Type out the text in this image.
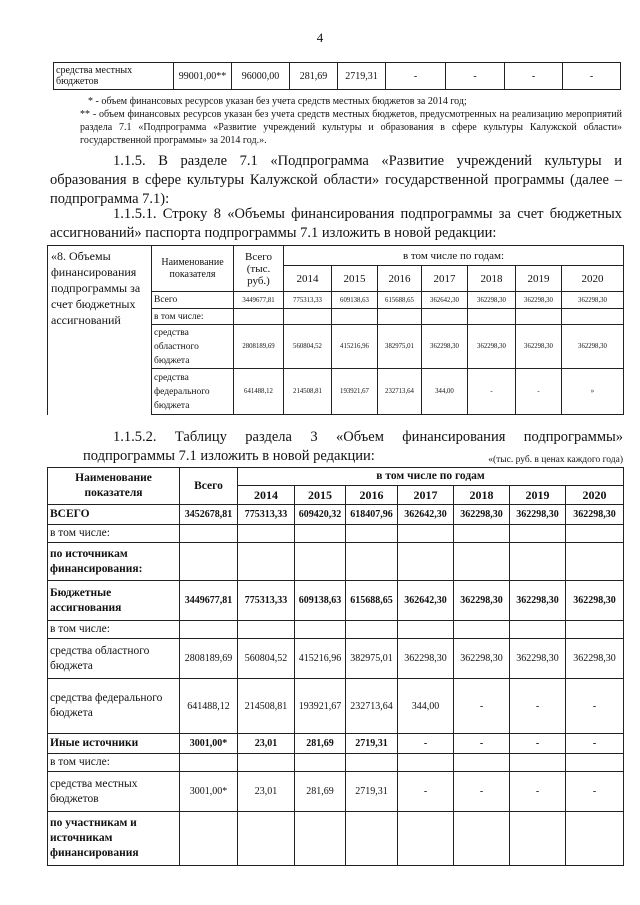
4
средства местных бюджетов	99001,00**	96000,00	281,69	2719,31	-	-	-	-
* - объем финансовых ресурсов указан без учета средств местных бюджетов за 2014 год;
** - объем финансовых ресурсов указан без учета средств местных бюджетов, предусмотренных на реализацию мероприятий раздела 7.1 «Подпрограмма «Развитие учреждений культуры и образования в сфере культуры Калужской области» государственной программы» за 2014 год.».
1.1.5. В разделе 7.1 «Подпрограмма «Развитие учреждений культуры и образования в сфере культуры Калужской области» государственной программы (далее – подпрограмма 7.1):
1.1.5.1. Строку 8 «Объемы финансирования подпрограммы за счет бюджетных ассигнований» паспорта подпрограммы 7.1 изложить в новой редакции:
«8. Объемы финансирования подпрограммы за счет бюджетных ассигнований	Наименование показателя	Всего (тыс. руб.)	в том числе по годам:						
			2014	2015	2016	2017	2018	2019	2020
	Всего	3449677,81	775313,33	609138,63	615688,65	362642,30	362298,30	362298,30	362298,30
	в том числе:								
	средства областного бюджета	2808189,69	560804,52	415216,96	382975,01	362298,30	362298,30	362298,30	362298,30
	средства федерального бюджета	641488,12	214508,81	193921,67	232713,64	344,00	-	-	»
1.1.5.2. Таблицу раздела 3 «Объем финансирования подпрограммы» подпрограммы 7.1 изложить в новой редакции:	«(тыс. руб. в ценах каждого года)
Наименование показателя	Всего	в том числе по годам						
		2014	2015	2016	2017	2018	2019	2020
ВСЕГО	3452678,81	775313,33	609420,32	618407,96	362642,30	362298,30	362298,30	362298,30
в том числе:								
по источникам финансирования:								
Бюджетные ассигнования	3449677,81	775313,33	609138,63	615688,65	362642,30	362298,30	362298,30	362298,30
в том числе:								
средства областного бюджета	2808189,69	560804,52	415216,96	382975,01	362298,30	362298,30	362298,30	362298,30
средства федерального бюджета	641488,12	214508,81	193921,67	232713,64	344,00	-	-	-
Иные источники	3001,00*	23,01	281,69	2719,31	-	-	-	-
в том числе:								
средства местных бюджетов	3001,00*	23,01	281,69	2719,31	-	-	-	-
по участникам и источникам финансирования								
